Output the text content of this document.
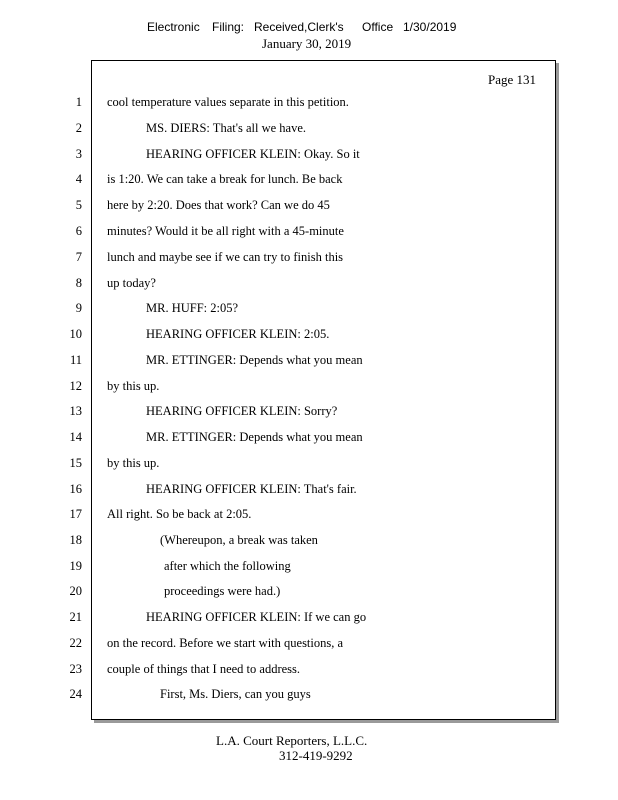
Electronic Filing: Received,Clerk's Office 1/30/2019
January 30, 2019
Page 131
1 cool temperature values separate in this petition.
2	MS. DIERS: That's all we have.
3	HEARING OFFICER KLEIN: Okay. So it
4 is 1:20. We can take a break for lunch. Be back
5 here by 2:20. Does that work? Can we do 45
6 minutes? Would it be all right with a 45-minute
7 lunch and maybe see if we can try to finish this
8 up today?
9	MR. HUFF: 2:05?
10	HEARING OFFICER KLEIN: 2:05.
11	MR. ETTINGER: Depends what you mean
12 by this up.
13	HEARING OFFICER KLEIN: Sorry?
14	MR. ETTINGER: Depends what you mean
15 by this up.
16	HEARING OFFICER KLEIN: That's fair.
17 All right. So be back at 2:05.
18	(Whereupon, a break was taken
19	after which the following
20	proceedings were had.)
21	HEARING OFFICER KLEIN: If we can go
22 on the record. Before we start with questions, a
23 couple of things that I need to address.
24	First, Ms. Diers, can you guys
L.A. Court Reporters, L.L.C.
312-419-9292
